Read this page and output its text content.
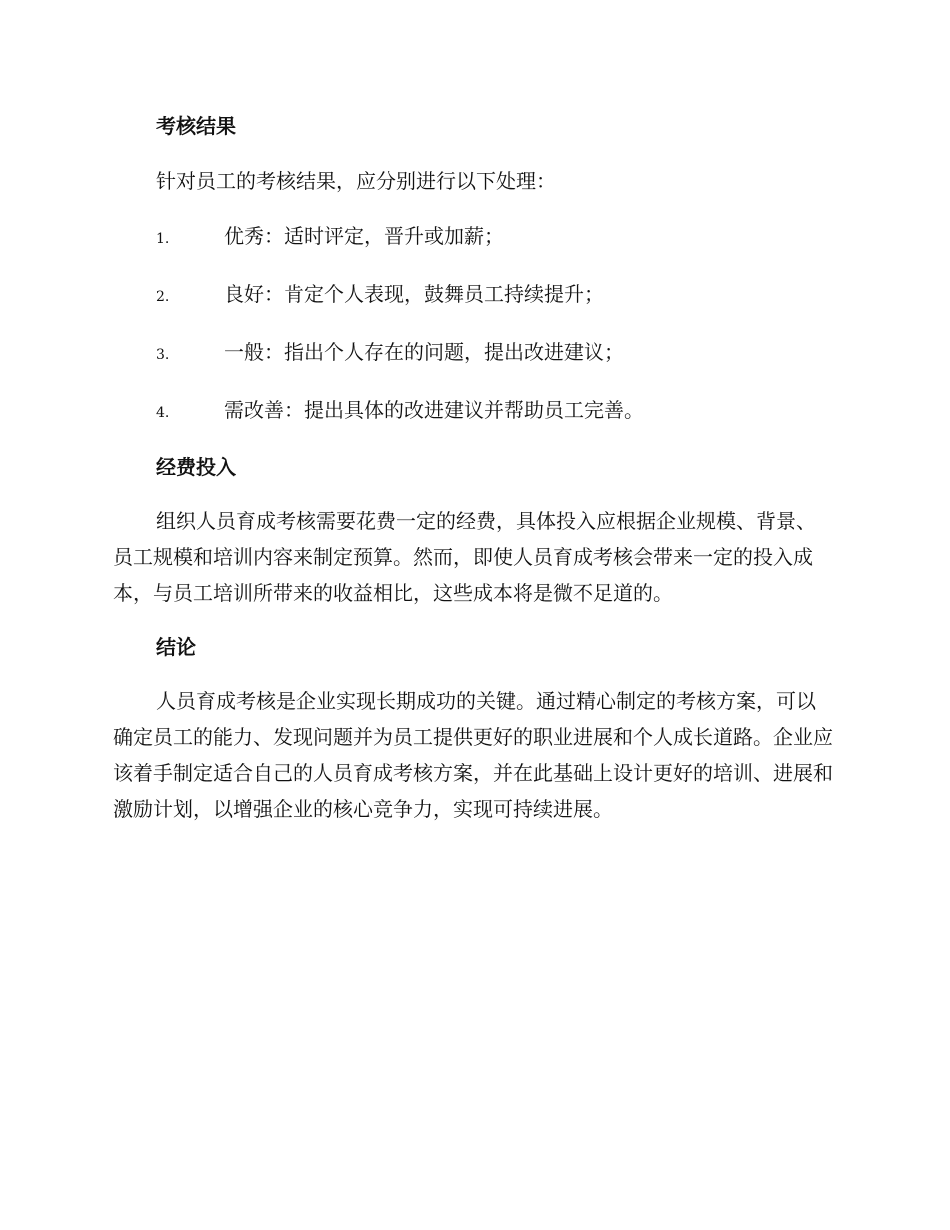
考核结果

针对员工的考核结果，应分别进行以下处理：

1.	优秀：适时评定，晋升或加薪；
2.	良好：肯定个人表现，鼓舞员工持续提升；
3.	一般：指出个人存在的问题，提出改进建议；
4.	需改善：提出具体的改进建议并帮助员工完善。
经费投入

组织人员育成考核需要花费一定的经费，具体投入应根据企业规模、背景、员工规模和培训内容来制定预算。然而，即使人员育成考核会带来一定的投入成本，与员工培训所带来的收益相比，这些成本将是微不足道的。

结论

人员育成考核是企业实现长期成功的关键。通过精心制定的考核方案，可以确定员工的能力、发现问题并为员工提供更好的职业进展和个人成长道路。企业应该着手制定适合自己的人员育成考核方案，并在此基础上设计更好的培训、进展和激励计划，以增强企业的核心竞争力，实现可持续进展。
